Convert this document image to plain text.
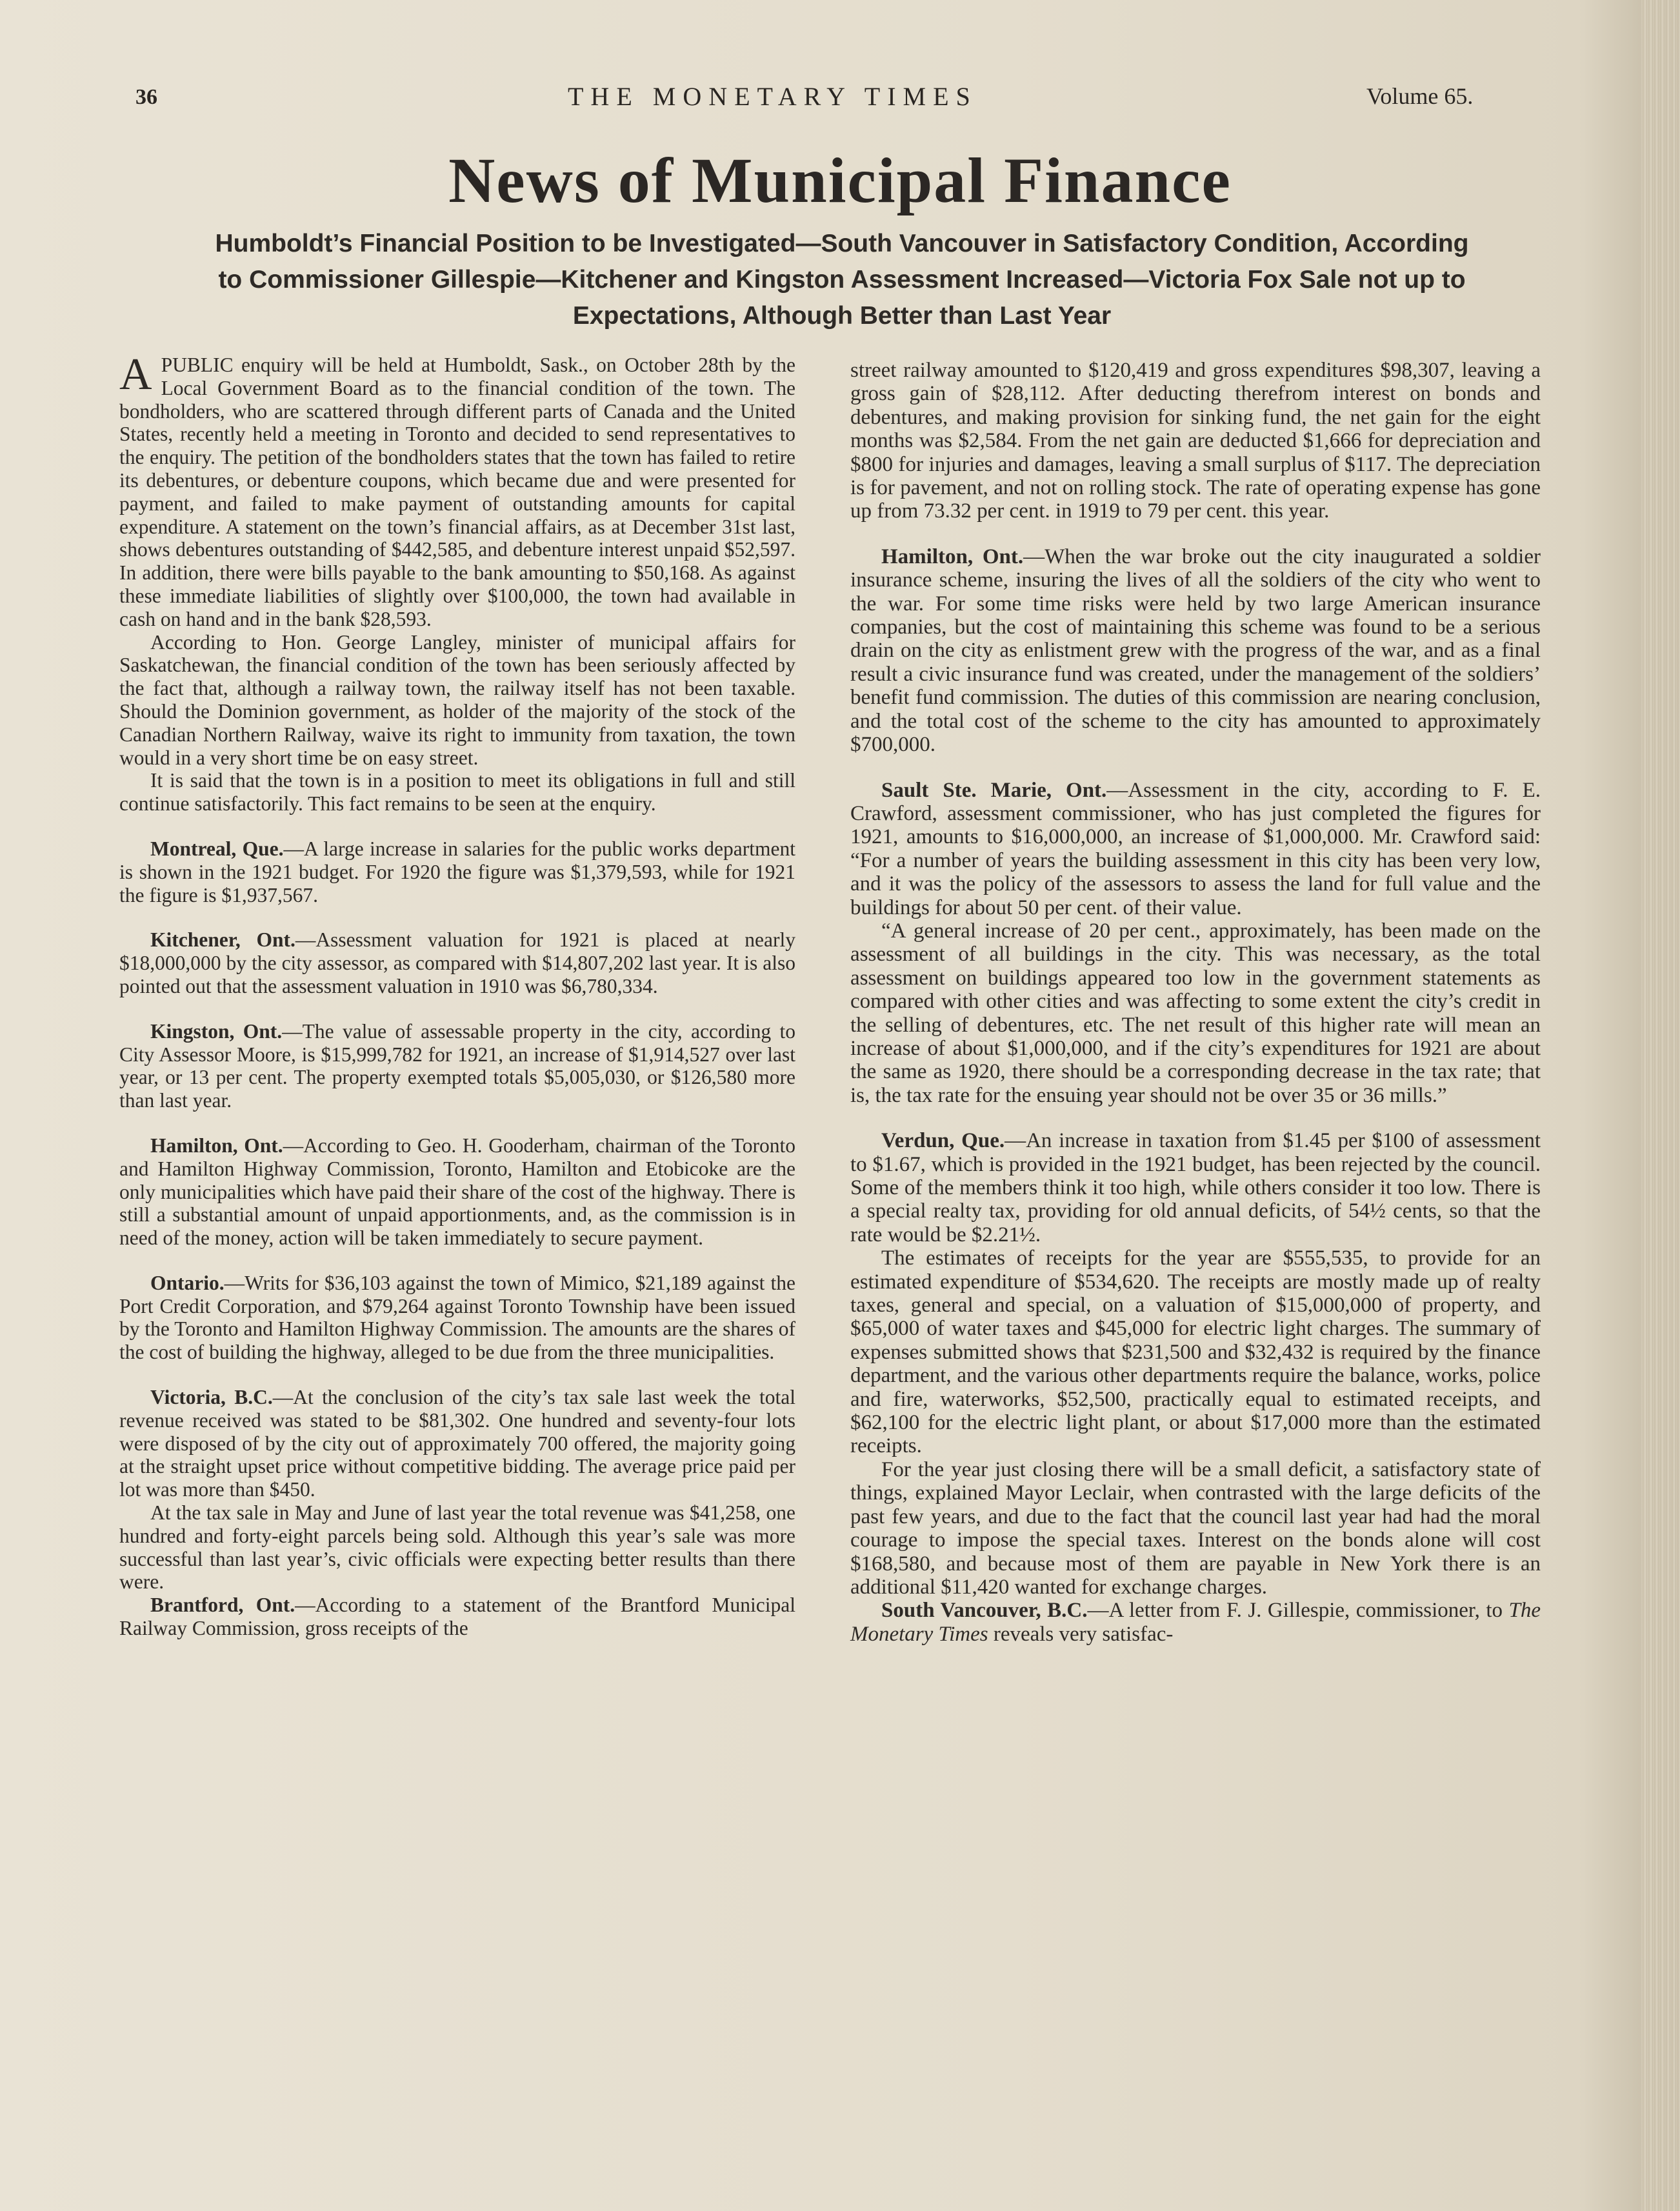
36	THE MONETARY TIMES	Volume 65.
News of Municipal Finance
Humboldt’s Financial Position to be Investigated—South Vancouver in Satisfactory Condition, According to Commissioner Gillespie—Kitchener and Kingston Assessment Increased—Victoria Fox Sale not up to Expectations, Although Better than Last Year

APUBLIC enquiry will be held at Humboldt, Sask., on October 28th by the Local Government Board as to the financial condition of the town. The bondholders, who are scattered through different parts of Canada and the United States, recently held a meeting in Toronto and decided to send representatives to the enquiry. The petition of the bondholders states that the town has failed to retire its debentures, or debenture coupons, which became due and were presented for payment, and failed to make payment of outstanding amounts for capital expenditure. A statement on the town’s financial affairs, as at December 31st last, shows debentures outstanding of $442,585, and debenture interest unpaid $52,597. In addition, there were bills payable to the bank amounting to $50,168. As against these immediate liabilities of slightly over $100,000, the town had available in cash on hand and in the bank $28,593.

According to Hon. George Langley, minister of municipal affairs for Saskatchewan, the financial condition of the town has been seriously affected by the fact that, although a railway town, the railway itself has not been taxable. Should the Dominion government, as holder of the majority of the stock of the Canadian Northern Railway, waive its right to immunity from taxation, the town would in a very short time be on easy street.

It is said that the town is in a position to meet its obligations in full and still continue satisfactorily. This fact remains to be seen at the enquiry.

Montreal, Que.—A large increase in salaries for the public works department is shown in the 1921 budget. For 1920 the figure was $1,379,593, while for 1921 the figure is $1,937,567.

Kitchener, Ont.—Assessment valuation for 1921 is placed at nearly $18,000,000 by the city assessor, as compared with $14,807,202 last year. It is also pointed out that the assessment valuation in 1910 was $6,780,334.

Kingston, Ont.—The value of assessable property in the city, according to City Assessor Moore, is $15,999,782 for 1921, an increase of $1,914,527 over last year, or 13 per cent. The property exempted totals $5,005,030, or $126,580 more than last year.

Hamilton, Ont.—According to Geo. H. Gooderham, chairman of the Toronto and Hamilton Highway Commission, Toronto, Hamilton and Etobicoke are the only municipalities which have paid their share of the cost of the highway. There is still a substantial amount of unpaid apportionments, and, as the commission is in need of the money, action will be taken immediately to secure payment.

Ontario.—Writs for $36,103 against the town of Mimico, $21,189 against the Port Credit Corporation, and $79,264 against Toronto Township have been issued by the Toronto and Hamilton Highway Commission. The amounts are the shares of the cost of building the highway, alleged to be due from the three municipalities.

Victoria, B.C.—At the conclusion of the city’s tax sale last week the total revenue received was stated to be $81,302. One hundred and seventy-four lots were disposed of by the city out of approximately 700 offered, the majority going at the straight upset price without competitive bidding. The average price paid per lot was more than $450.

At the tax sale in May and June of last year the total revenue was $41,258, one hundred and forty-eight parcels being sold. Although this year’s sale was more successful than last year’s, civic officials were expecting better results than there were.

Brantford, Ont.—According to a statement of the Brantford Municipal Railway Commission, gross receipts of the

street railway amounted to $120,419 and gross expenditures $98,307, leaving a gross gain of $28,112. After deducting therefrom interest on bonds and debentures, and making provision for sinking fund, the net gain for the eight months was $2,584. From the net gain are deducted $1,666 for depreciation and $800 for injuries and damages, leaving a small surplus of $117. The depreciation is for pavement, and not on rolling stock. The rate of operating expense has gone up from 73.32 per cent. in 1919 to 79 per cent. this year.

Hamilton, Ont.—When the war broke out the city inaugurated a soldier insurance scheme, insuring the lives of all the soldiers of the city who went to the war. For some time risks were held by two large American insurance companies, but the cost of maintaining this scheme was found to be a serious drain on the city as enlistment grew with the progress of the war, and as a final result a civic insurance fund was created, under the management of the soldiers’ benefit fund commission. The duties of this commission are nearing conclusion, and the total cost of the scheme to the city has amounted to approximately $700,000.

Sault Ste. Marie, Ont.—Assessment in the city, according to F. E. Crawford, assessment commissioner, who has just completed the figures for 1921, amounts to $16,000,000, an increase of $1,000,000. Mr. Crawford said: “For a number of years the building assessment in this city has been very low, and it was the policy of the assessors to assess the land for full value and the buildings for about 50 per cent. of their value.

“A general increase of 20 per cent., approximately, has been made on the assessment of all buildings in the city. This was necessary, as the total assessment on buildings appeared too low in the government statements as compared with other cities and was affecting to some extent the city’s credit in the selling of debentures, etc. The net result of this higher rate will mean an increase of about $1,000,000, and if the city’s expenditures for 1921 are about the same as 1920, there should be a corresponding decrease in the tax rate; that is, the tax rate for the ensuing year should not be over 35 or 36 mills.”

Verdun, Que.—An increase in taxation from $1.45 per $100 of assessment to $1.67, which is provided in the 1921 budget, has been rejected by the council. Some of the members think it too high, while others consider it too low. There is a special realty tax, providing for old annual deficits, of 54½ cents, so that the rate would be $2.21½.

The estimates of receipts for the year are $555,535, to provide for an estimated expenditure of $534,620. The receipts are mostly made up of realty taxes, general and special, on a valuation of $15,000,000 of property, and $65,000 of water taxes and $45,000 for electric light charges. The summary of expenses submitted shows that $231,500 and $32,432 is required by the finance department, and the various other departments require the balance, works, police and fire, waterworks, $52,500, practically equal to estimated receipts, and $62,100 for the electric light plant, or about $17,000 more than the estimated receipts.

For the year just closing there will be a small deficit, a satisfactory state of things, explained Mayor Leclair, when contrasted with the large deficits of the past few years, and due to the fact that the council last year had had the moral courage to impose the special taxes. Interest on the bonds alone will cost $168,580, and because most of them are payable in New York there is an additional $11,420 wanted for exchange charges.

South Vancouver, B.C.—A letter from F. J. Gillespie, commissioner, to The Monetary Times reveals very satisfac-
